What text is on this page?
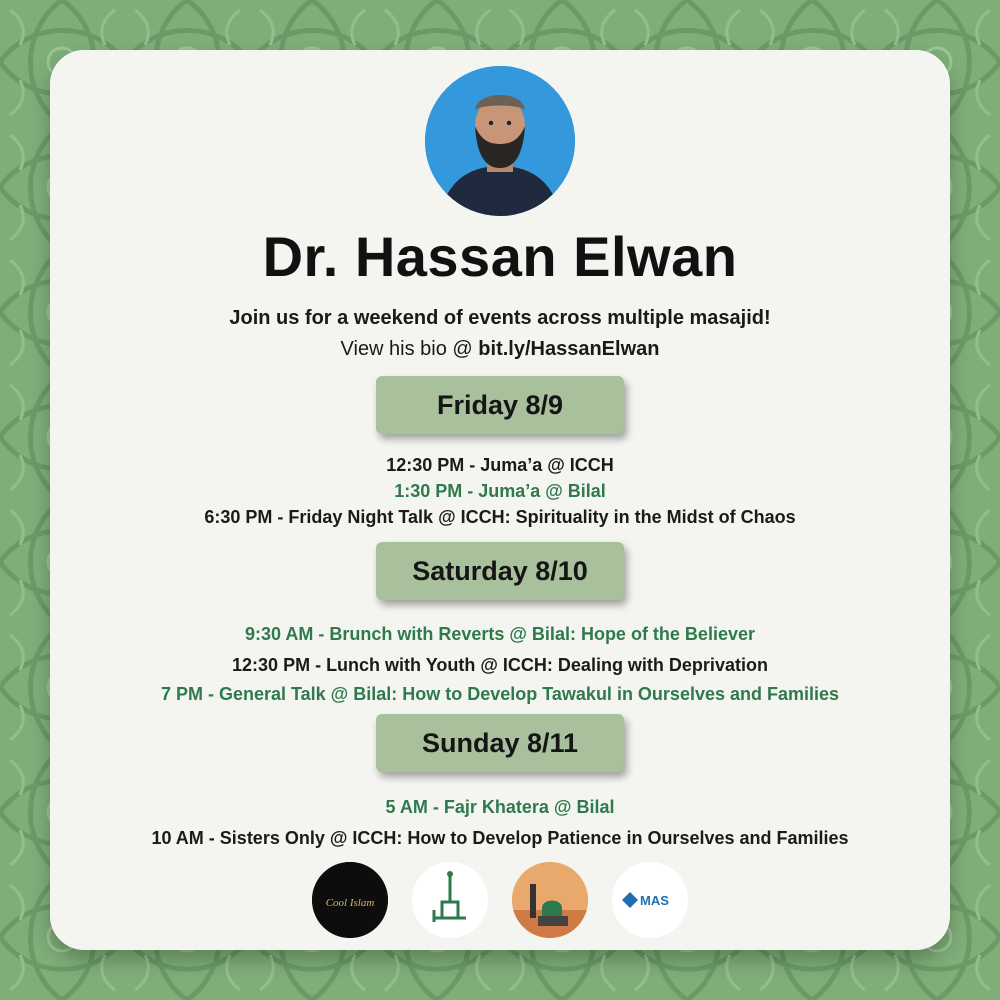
Dr. Hassan Elwan
Join us for a weekend of events across multiple masajid!
View his bio @ bit.ly/HassanElwan
Friday 8/9
12:30 PM - Juma’a @ ICCH
1:30 PM - Juma’a @ Bilal
6:30 PM - Friday Night Talk @ ICCH: Spirituality in the Midst of Chaos
Saturday 8/10
9:30 AM - Brunch with Reverts @ Bilal: Hope of the Believer
12:30 PM - Lunch with Youth @ ICCH: Dealing with Deprivation
7 PM - General Talk @ Bilal: How to Develop Tawakul in Ourselves and Families
Sunday 8/11
5 AM - Fajr Khatera @ Bilal
10 AM - Sisters Only @ ICCH: How to Develop Patience in Ourselves and Families
Cool Islam	MAS
